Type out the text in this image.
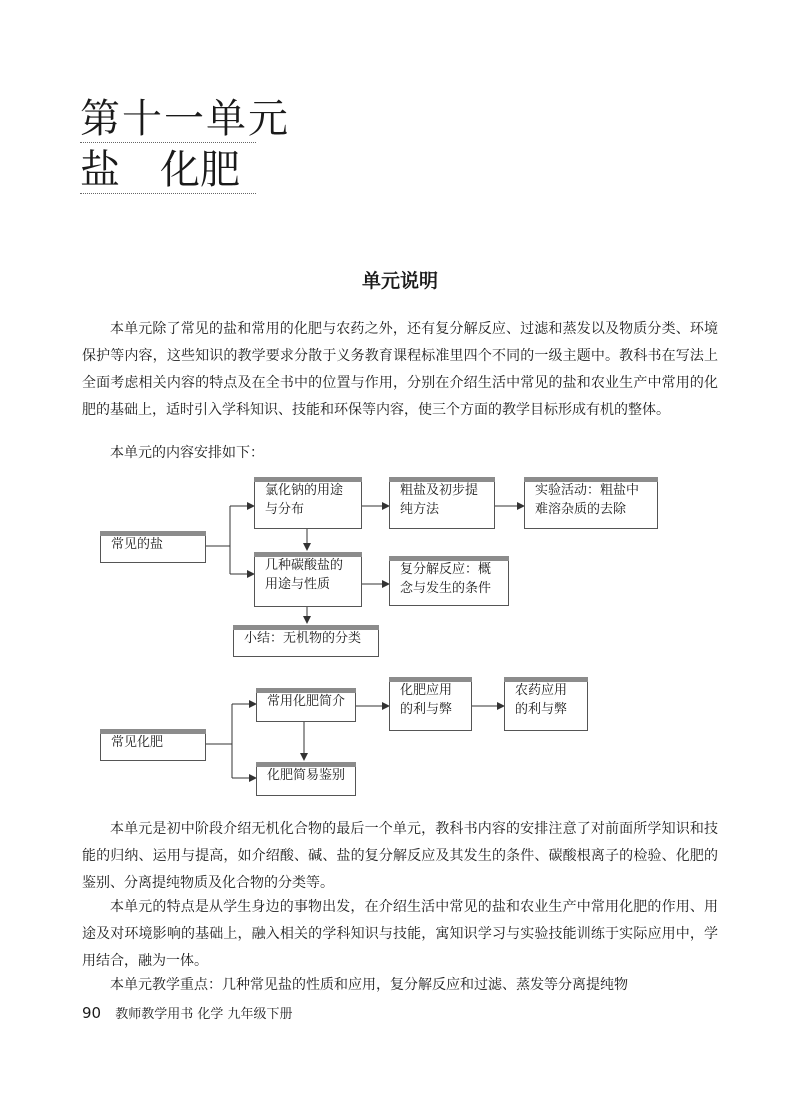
第十一单元
盐　化肥
单元说明

本单元除了常见的盐和常用的化肥与农药之外，还有复分解反应、过滤和蒸发以及物质分类、环境保护等内容，这些知识的教学要求分散于义务教育课程标准里四个不同的一级主题中。教科书在写法上全面考虑相关内容的特点及在全书中的位置与作用，分别在介绍生活中常见的盐和农业生产中常用的化肥的基础上，适时引入学科知识、技能和环保等内容，使三个方面的教学目标形成有机的整体。

本单元的内容安排如下：

常见的盐
氯化钠的用途与分布
粗盐及初步提纯方法
实验活动：粗盐中难溶杂质的去除
几种碳酸盐的用途与性质
复分解反应：概念与发生的条件
小结：无机物的分类
常见化肥
常用化肥简介
化肥应用的利与弊
农药应用的利与弊
化肥简易鉴别

本单元是初中阶段介绍无机化合物的最后一个单元，教科书内容的安排注意了对前面所学知识和技能的归纳、运用与提高，如介绍酸、碱、盐的复分解反应及其发生的条件、碳酸根离子的检验、化肥的鉴别、分离提纯物质及化合物的分类等。

本单元的特点是从学生身边的事物出发，在介绍生活中常见的盐和农业生产中常用化肥的作用、用途及对环境影响的基础上，融入相关的学科知识与技能，寓知识学习与实验技能训练于实际应用中，学用结合，融为一体。

本单元教学重点：几种常见盐的性质和应用，复分解反应和过滤、蒸发等分离提纯物

90 教师教学用书 化学 九年级下册
